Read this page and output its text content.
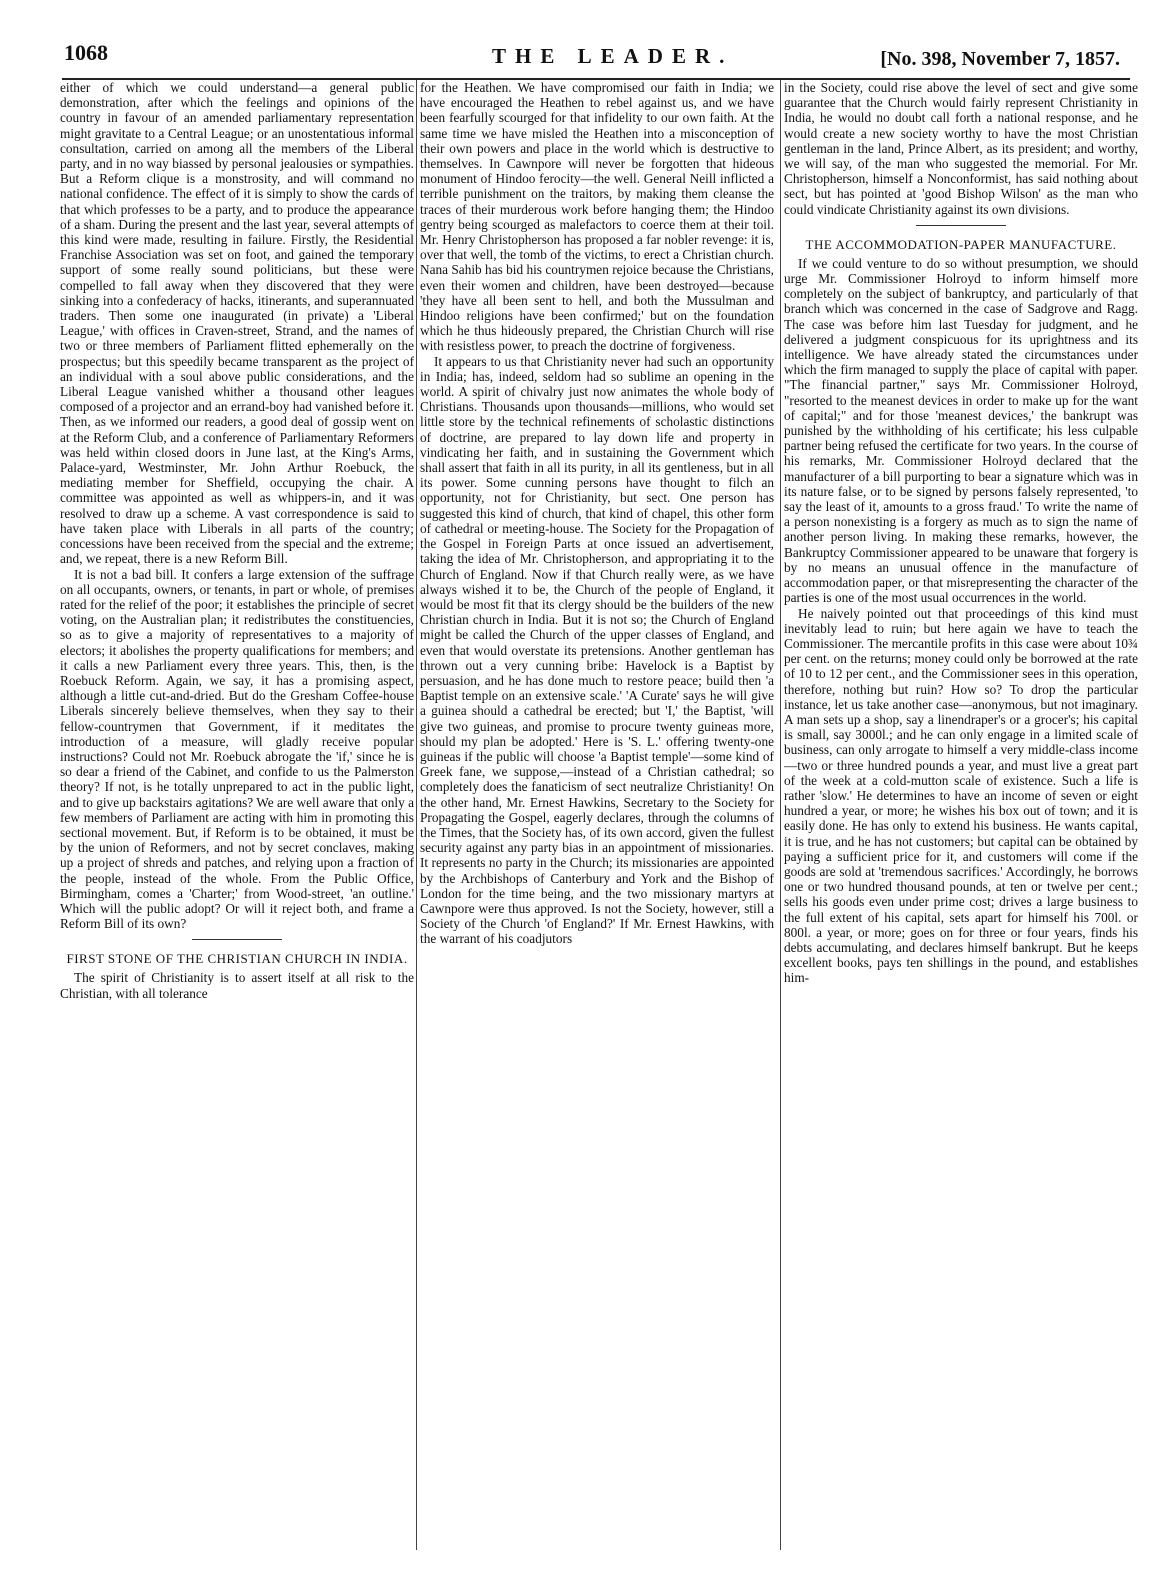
1068	THE LEADER.	[No. 398, November 7, 1857.

either of which we could understand—a general public demonstration, after which the feelings and opinions of the country in favour of an amended parliamentary representation might gravitate to a Central League; or an unostentatious informal consultation, carried on among all the members of the Liberal party, and in no way biassed by personal jealousies or sympathies. But a Reform clique is a monstrosity, and will command no national confidence. The effect of it is simply to show the cards of that which professes to be a party, and to produce the appearance of a sham. During the present and the last year, several attempts of this kind were made, resulting in failure. Firstly, the Residential Franchise Association was set on foot, and gained the temporary support of some really sound politicians, but these were compelled to fall away when they discovered that they were sinking into a confederacy of hacks, itinerants, and superannuated traders. Then some one inaugurated (in private) a 'Liberal League,' with offices in Craven-street, Strand, and the names of two or three members of Parliament flitted ephemerally on the prospectus; but this speedily became transparent as the project of an individual with a soul above public considerations, and the Liberal League vanished whither a thousand other leagues composed of a projector and an errand-boy had vanished before it. Then, as we informed our readers, a good deal of gossip went on at the Reform Club, and a conference of Parliamentary Reformers was held within closed doors in June last, at the King's Arms, Palace-yard, Westminster, Mr. John Arthur Roebuck, the mediating member for Sheffield, occupying the chair. A committee was appointed as well as whippers-in, and it was resolved to draw up a scheme. A vast correspondence is said to have taken place with Liberals in all parts of the country; concessions have been received from the special and the extreme; and, we repeat, there is a new Reform Bill.

It is not a bad bill. It confers a large extension of the suffrage on all occupants, owners, or tenants, in part or whole, of premises rated for the relief of the poor; it establishes the principle of secret voting, on the Australian plan; it redistributes the constituencies, so as to give a majority of representatives to a majority of electors; it abolishes the property qualifications for members; and it calls a new Parliament every three years. This, then, is the Roebuck Reform. Again, we say, it has a promising aspect, although a little cut-and-dried. But do the Gresham Coffee-house Liberals sincerely believe themselves, when they say to their fellow-countrymen that Government, if it meditates the introduction of a measure, will gladly receive popular instructions? Could not Mr. Roebuck abrogate the 'if,' since he is so dear a friend of the Cabinet, and confide to us the Palmerston theory? If not, is he totally unprepared to act in the public light, and to give up backstairs agitations? We are well aware that only a few members of Parliament are acting with him in promoting this sectional movement. But, if Reform is to be obtained, it must be by the union of Reformers, and not by secret conclaves, making up a project of shreds and patches, and relying upon a fraction of the people, instead of the whole. From the Public Office, Birmingham, comes a 'Charter;' from Wood-street, 'an outline.' Which will the public adopt? Or will it reject both, and frame a Reform Bill of its own?

FIRST STONE OF THE CHRISTIAN CHURCH IN INDIA.

The spirit of Christianity is to assert itself at all risk to the Christian, with all tolerance

for the Heathen. We have compromised our faith in India; we have encouraged the Heathen to rebel against us, and we have been fearfully scourged for that infidelity to our own faith. At the same time we have misled the Heathen into a misconception of their own powers and place in the world which is destructive to themselves. In Cawnpore will never be forgotten that hideous monument of Hindoo ferocity—the well. General Neill inflicted a terrible punishment on the traitors, by making them cleanse the traces of their murderous work before hanging them; the Hindoo gentry being scourged as malefactors to coerce them at their toil. Mr. Henry Christopherson has proposed a far nobler revenge: it is, over that well, the tomb of the victims, to erect a Christian church. Nana Sahib has bid his countrymen rejoice because the Christians, even their women and children, have been destroyed—because 'they have all been sent to hell, and both the Mussulman and Hindoo religions have been confirmed;' but on the foundation which he thus hideously prepared, the Christian Church will rise with resistless power, to preach the doctrine of forgiveness.

It appears to us that Christianity never had such an opportunity in India; has, indeed, seldom had so sublime an opening in the world. A spirit of chivalry just now animates the whole body of Christians. Thousands upon thousands—millions, who would set little store by the technical refinements of scholastic distinctions of doctrine, are prepared to lay down life and property in vindicating her faith, and in sustaining the Government which shall assert that faith in all its purity, in all its gentleness, but in all its power. Some cunning persons have thought to filch an opportunity, not for Christianity, but sect. One person has suggested this kind of church, that kind of chapel, this other form of cathedral or meeting-house. The Society for the Propagation of the Gospel in Foreign Parts at once issued an advertisement, taking the idea of Mr. Christopherson, and appropriating it to the Church of England. Now if that Church really were, as we have always wished it to be, the Church of the people of England, it would be most fit that its clergy should be the builders of the new Christian church in India. But it is not so; the Church of England might be called the Church of the upper classes of England, and even that would overstate its pretensions. Another gentleman has thrown out a very cunning bribe: Havelock is a Baptist by persuasion, and he has done much to restore peace; build then 'a Baptist temple on an extensive scale.' 'A Curate' says he will give a guinea should a cathedral be erected; but 'I,' the Baptist, 'will give two guineas, and promise to procure twenty guineas more, should my plan be adopted.' Here is 'S. L.' offering twenty-one guineas if the public will choose 'a Baptist temple'—some kind of Greek fane, we suppose,—instead of a Christian cathedral; so completely does the fanaticism of sect neutralize Christianity! On the other hand, Mr. Ernest Hawkins, Secretary to the Society for Propagating the Gospel, eagerly declares, through the columns of the Times, that the Society has, of its own accord, given the fullest security against any party bias in an appointment of missionaries. It represents no party in the Church; its missionaries are appointed by the Archbishops of Canterbury and York and the Bishop of London for the time being, and the two missionary martyrs at Cawnpore were thus approved. Is not the Society, however, still a Society of the Church 'of England?' If Mr. Ernest Hawkins, with the warrant of his coadjutors

in the Society, could rise above the level of sect and give some guarantee that the Church would fairly represent Christianity in India, he would no doubt call forth a national response, and he would create a new society worthy to have the most Christian gentleman in the land, Prince Albert, as its president; and worthy, we will say, of the man who suggested the memorial. For Mr. Christopherson, himself a Nonconformist, has said nothing about sect, but has pointed at 'good Bishop Wilson' as the man who could vindicate Christianity against its own divisions.

THE ACCOMMODATION-PAPER MANUFACTURE.

If we could venture to do so without presumption, we should urge Mr. Commissioner Holroyd to inform himself more completely on the subject of bankruptcy, and particularly of that branch which was concerned in the case of Sadgrove and Ragg. The case was before him last Tuesday for judgment, and he delivered a judgment conspicuous for its uprightness and its intelligence. We have already stated the circumstances under which the firm managed to supply the place of capital with paper. "The financial partner," says Mr. Commissioner Holroyd, "resorted to the meanest devices in order to make up for the want of capital;" and for those 'meanest devices,' the bankrupt was punished by the withholding of his certificate; his less culpable partner being refused the certificate for two years. In the course of his remarks, Mr. Commissioner Holroyd declared that the manufacturer of a bill purporting to bear a signature which was in its nature false, or to be signed by persons falsely represented, 'to say the least of it, amounts to a gross fraud.' To write the name of a person nonexisting is a forgery as much as to sign the name of another person living. In making these remarks, however, the Bankruptcy Commissioner appeared to be unaware that forgery is by no means an unusual offence in the manufacture of accommodation paper, or that misrepresenting the character of the parties is one of the most usual occurrences in the world.

He naively pointed out that proceedings of this kind must inevitably lead to ruin; but here again we have to teach the Commissioner. The mercantile profits in this case were about 10¾ per cent. on the returns; money could only be borrowed at the rate of 10 to 12 per cent., and the Commissioner sees in this operation, therefore, nothing but ruin? How so? To drop the particular instance, let us take another case—anonymous, but not imaginary. A man sets up a shop, say a linendraper's or a grocer's; his capital is small, say 3000l.; and he can only engage in a limited scale of business, can only arrogate to himself a very middle-class income—two or three hundred pounds a year, and must live a great part of the week at a cold-mutton scale of existence. Such a life is rather 'slow.' He determines to have an income of seven or eight hundred a year, or more; he wishes his box out of town; and it is easily done. He has only to extend his business. He wants capital, it is true, and he has not customers; but capital can be obtained by paying a sufficient price for it, and customers will come if the goods are sold at 'tremendous sacrifices.' Accordingly, he borrows one or two hundred thousand pounds, at ten or twelve per cent.; sells his goods even under prime cost; drives a large business to the full extent of his capital, sets apart for himself his 700l. or 800l. a year, or more; goes on for three or four years, finds his debts accumulating, and declares himself bankrupt. But he keeps excellent books, pays ten shillings in the pound, and establishes him-
